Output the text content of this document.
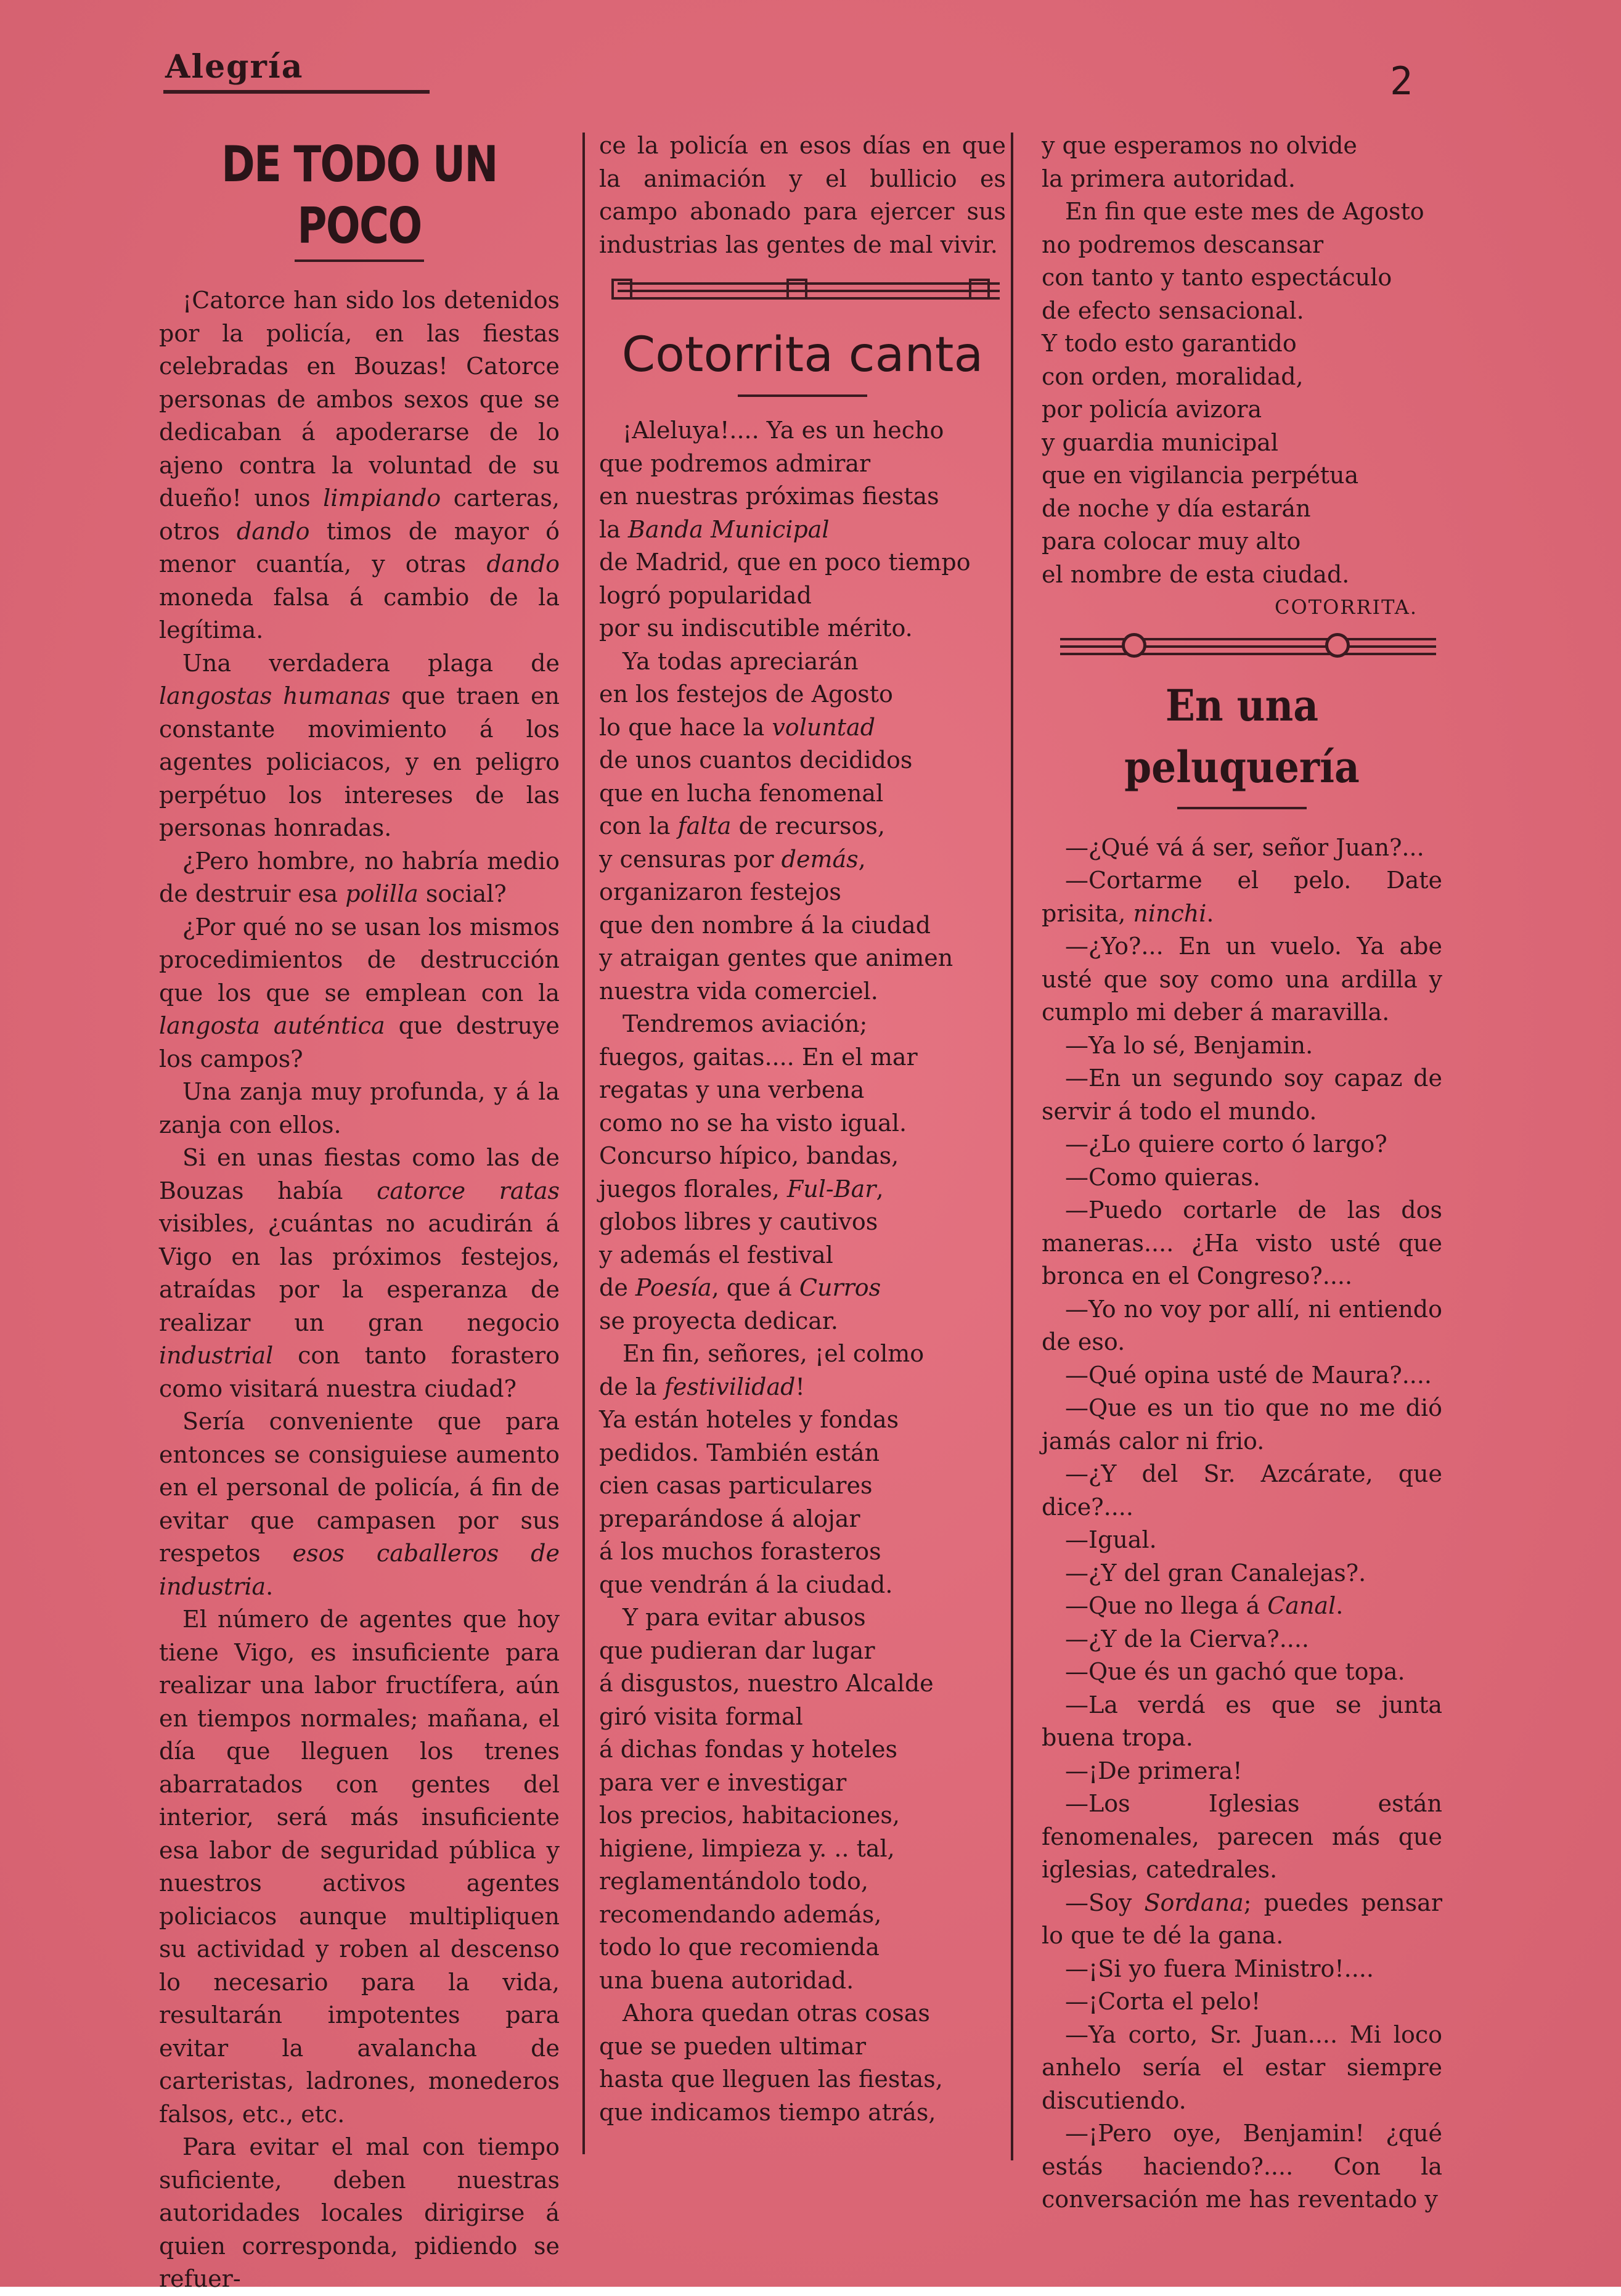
Alegría	2
DE TODO UN POCO

¡Catorce han sido los detenidos por la policía, en las fiestas celebradas en Bouzas! Catorce personas de ambos sexos que se dedicaban á apoderarse de lo ajeno contra la voluntad de su dueño! unos limpiando carteras, otros dando timos de mayor ó menor cuantía, y otras dando moneda falsa á cambio de la legítima.

Una verdadera plaga de langostas humanas que traen en constante movimiento á los agentes policiacos, y en peligro perpétuo los intereses de las personas honradas.

¿Pero hombre, no habría medio de destruir esa polilla social?

¿Por qué no se usan los mismos procedimientos de destrucción que los que se emplean con la langosta auténtica que destruye los campos?

Una zanja muy profunda, y á la zanja con ellos.

Si en unas fiestas como las de Bouzas había catorce ratas visibles, ¿cuántas no acudirán á Vigo en las próximos festejos, atraídas por la esperanza de realizar un gran negocio industrial con tanto forastero como visitará nuestra ciudad?

Sería conveniente que para entonces se consiguiese aumento en el personal de policía, á fin de evitar que campasen por sus respetos esos caballeros de industria.

El número de agentes que hoy tiene Vigo, es insuficiente para realizar una labor fructífera, aún en tiempos normales; mañana, el día que lleguen los trenes abarratados con gentes del interior, será más insuficiente esa labor de seguridad pública y nuestros activos agentes policiacos aunque multipliquen su actividad y roben al descenso lo necesario para la vida, resultarán impotentes para evitar la avalancha de carteristas, ladrones, monederos falsos, etc., etc.

Para evitar el mal con tiempo suficiente, deben nuestras autoridades locales dirigirse á quien corresponda, pidiendo se refuer-

ce la policía en esos días en que la animación y el bullicio es campo abonado para ejercer sus industrias las gentes de mal vivir.

Cotorrita canta
¡Aleluya!.... Ya es un hecho
que podremos admirar
en nuestras próximas fiestas
la Banda Municipal
de Madrid, que en poco tiempo
logró popularidad
por su indiscutible mérito.
Ya todas apreciarán
en los festejos de Agosto
lo que hace la voluntad
de unos cuantos decididos
que en lucha fenomenal
con la falta de recursos,
y censuras por demás,
organizaron festejos
que den nombre á la ciudad
y atraigan gentes que animen
nuestra vida comerciel.
Tendremos aviación;
fuegos, gaitas.... En el mar
regatas y una verbena
como no se ha visto igual.
Concurso hípico, bandas,
juegos florales, Ful-Bar,
globos libres y cautivos
y además el festival
de Poesía, que á Curros
se proyecta dedicar.
En fin, señores, ¡el colmo
de la festivilidad!
Ya están hoteles y fondas
pedidos. También están
cien casas particulares
preparándose á alojar
á los muchos forasteros
que vendrán á la ciudad.
Y para evitar abusos
que pudieran dar lugar
á disgustos, nuestro Alcalde
giró visita formal
á dichas fondas y hoteles
para ver e investigar
los precios, habitaciones,
higiene, limpieza y. .. tal,
reglamentándolo todo,
recomendando además,
todo lo que recomienda
una buena autoridad.
Ahora quedan otras cosas
que se pueden ultimar
hasta que lleguen las fiestas,
que indicamos tiempo atrás,
y que esperamos no olvide
la primera autoridad.
En fin que este mes de Agosto
no podremos descansar
con tanto y tanto espectáculo
de efecto sensacional.
Y todo esto garantido
con orden, moralidad,
por policía avizora
y guardia municipal
que en vigilancia perpétua
de noche y día estarán
para colocar muy alto
el nombre de esta ciudad.

COTORRITA.

En una peluquería

—¿Qué vá á ser, señor Juan?...

—Cortarme el pelo. Date prisita, ninchi.

—¿Yo?... En un vuelo. Ya abe usté que soy como una ardilla y cumplo mi deber á maravilla.

—Ya lo sé, Benjamin.

—En un segundo soy capaz de servir á todo el mundo.

—¿Lo quiere corto ó largo?

—Como quieras.

—Puedo cortarle de las dos maneras.... ¿Ha visto usté que bronca en el Congreso?....

—Yo no voy por allí, ni entiendo de eso.

—Qué opina usté de Maura?....

—Que es un tio que no me dió jamás calor ni frio.

—¿Y del Sr. Azcárate, que dice?....

—Igual.

—¿Y del gran Canalejas?.

—Que no llega á Canal.

—¿Y de la Cierva?....

—Que és un gachó que topa.

—La verdá es que se junta buena tropa.

—¡De primera!

—Los Iglesias están fenomenales, parecen más que iglesias, catedrales.

—Soy Sordana; puedes pensar lo que te dé la gana.

—¡Si yo fuera Ministro!....

—¡Corta el pelo!

—Ya corto, Sr. Juan.... Mi loco anhelo sería el estar siempre discutiendo.

—¡Pero oye, Benjamin! ¿qué estás haciendo?.... Con la conversación me has reventado y
